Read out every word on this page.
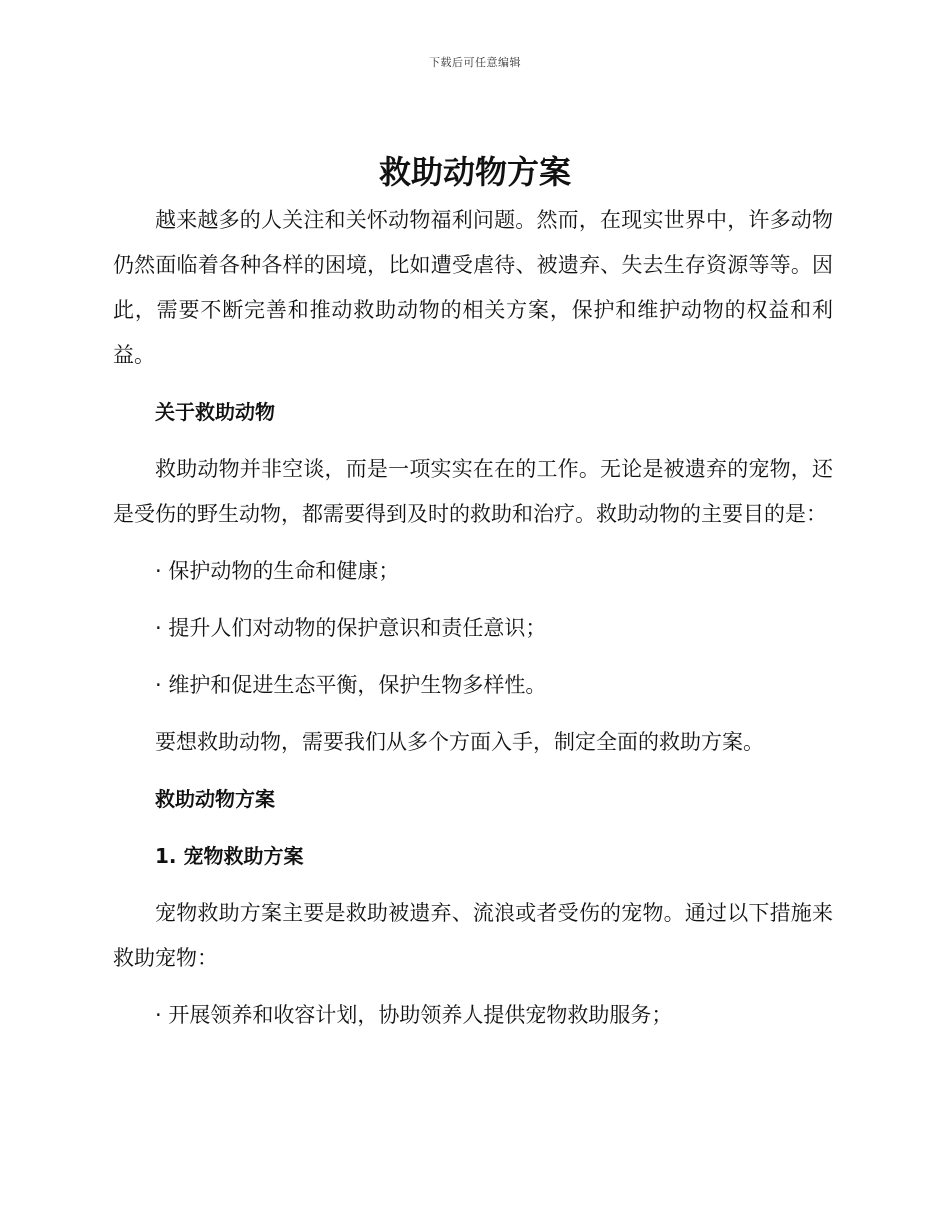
下载后可任意编辑
救助动物方案

越来越多的人关注和关怀动物福利问题。然而，在现实世界中，许多动物仍然面临着各种各样的困境，比如遭受虐待、被遗弃、失去生存资源等等。因此，需要不断完善和推动救助动物的相关方案，保护和维护动物的权益和利益。

关于救助动物

救助动物并非空谈，而是一项实实在在的工作。无论是被遗弃的宠物，还是受伤的野生动物，都需要得到及时的救助和治疗。救助动物的主要目的是：

· 保护动物的生命和健康；

· 提升人们对动物的保护意识和责任意识；

· 维护和促进生态平衡，保护生物多样性。

要想救助动物，需要我们从多个方面入手，制定全面的救助方案。

救助动物方案

1. 宠物救助方案

宠物救助方案主要是救助被遗弃、流浪或者受伤的宠物。通过以下措施来救助宠物：

· 开展领养和收容计划，协助领养人提供宠物救助服务；
